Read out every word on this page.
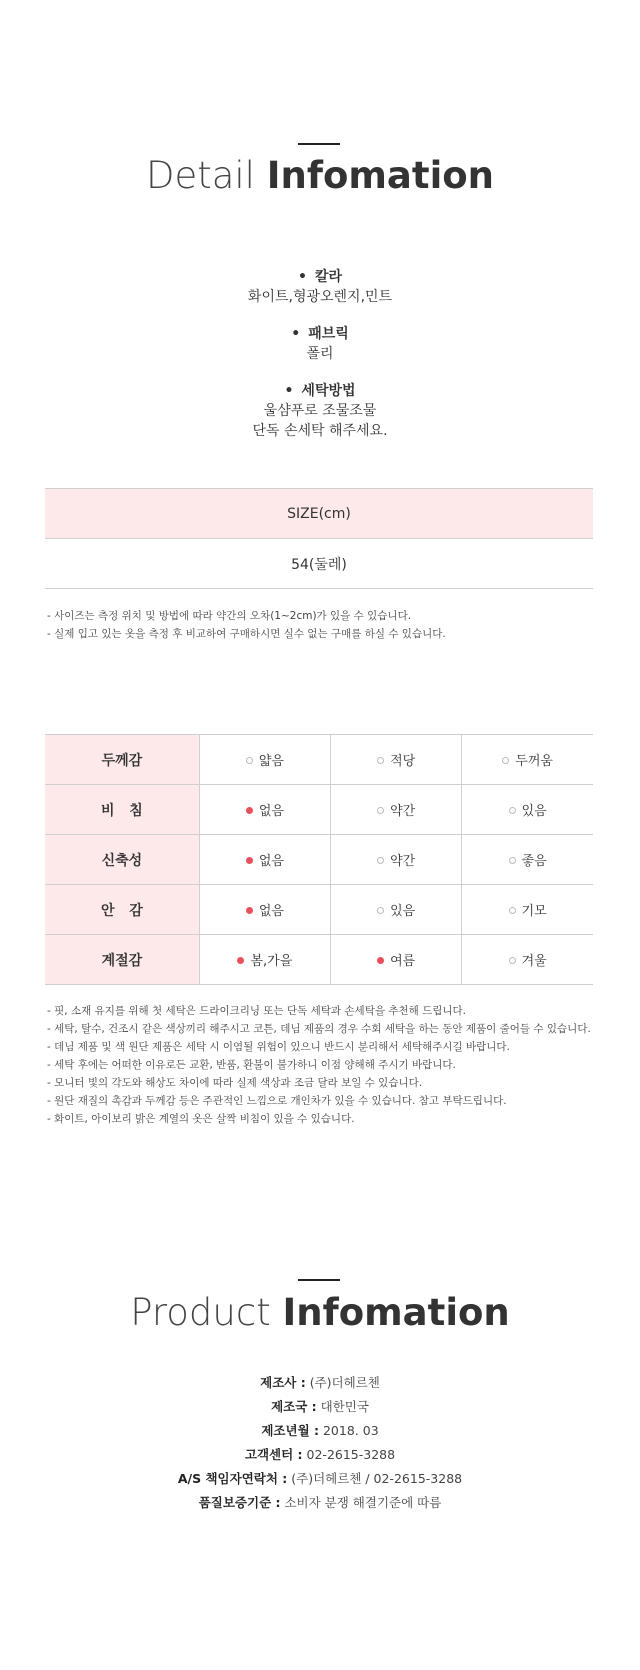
Detail Infomation
• 칼라
화이트,형광오렌지,민트
• 패브릭
폴리
• 세탁방법
울샴푸로 조물조물
단독 손세탁 해주세요.
SIZE(cm)
54(둘레)
- 사이즈는 측정 위치 및 방법에 따라 약간의 오차(1~2cm)가 있을 수 있습니다.
- 실제 입고 있는 옷을 측정 후 비교하여 구매하시면 실수 없는 구매를 하실 수 있습니다.
두께감	얇음	적당	두꺼움
비   침	없음	약간	있음
신축성	없음	약간	좋음
안   감	없음	있음	기모
계절감	봄,가을	여름	겨울
- 핏, 소재 유지를 위해 첫 세탁은 드라이크리닝 또는 단독 세탁과 손세탁을 추천해 드립니다.
- 세탁, 탈수, 건조시 같은 색상끼리 해주시고 코튼, 데님 제품의 경우 수회 세탁을 하는 동안 제품이 줄어들 수 있습니다.
- 데님 제품 및 색 원단 제품은 세탁 시 이염될 위험이 있으니 반드시 분리해서 세탁해주시길 바랍니다.
- 세탁 후에는 어떠한 이유로든 교환, 반품, 환불이 불가하니 이점 양해해 주시기 바랍니다.
- 모니터 빛의 각도와 해상도 차이에 따라 실제 색상과 조금 달라 보일 수 있습니다.
- 원단 재질의 촉감과 두께감 등은 주관적인 느낌으로 개인차가 있을 수 있습니다. 참고 부탁드립니다.
- 화이트, 아이보리 밝은 계열의 옷은 살짝 비침이 있을 수 있습니다.
Product Infomation
제조사 : (주)더헤르첸
제조국 : 대한민국
제조년월 : 2018. 03
고객센터 : 02-2615-3288
A/S 책임자연락처 : (주)더헤르첸 / 02-2615-3288
품질보증기준 : 소비자 분쟁 해결기준에 따름
